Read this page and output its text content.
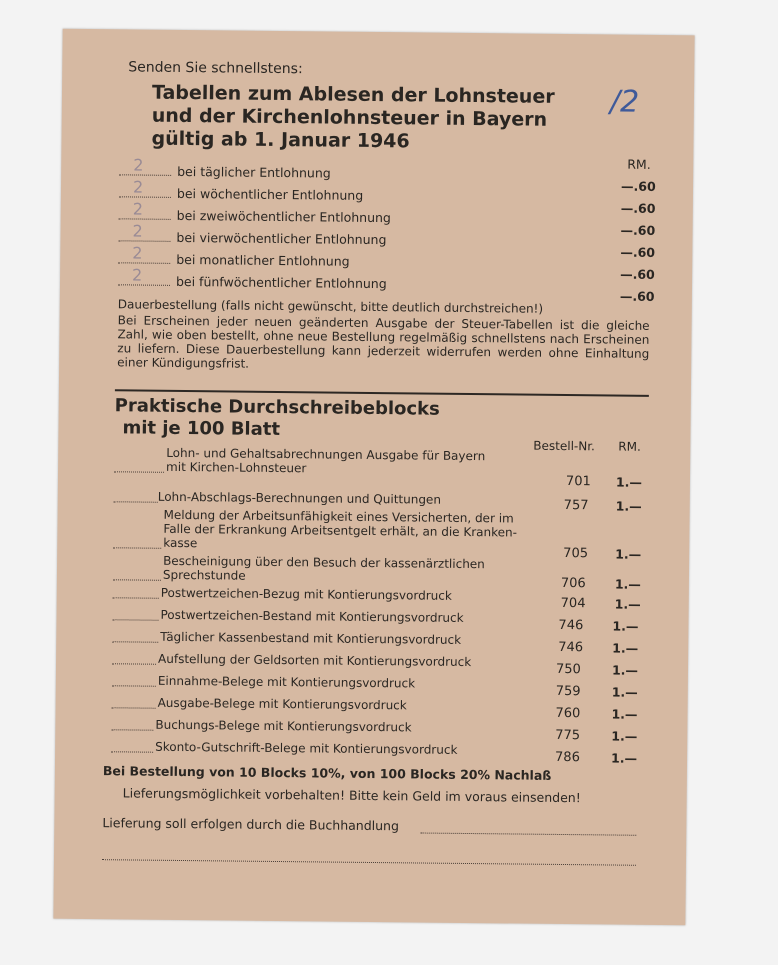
Senden Sie schnellstens:
Tabellen zum Ablesen der Lohnsteuer
und der Kirchenlohnsteuer in Bayern
gültig ab 1. Januar 1946
/2
RM.
bei täglicher Entlohnung
—.60
bei wöchentlicher Entlohnung
—.60
bei zweiwöchentlicher Entlohnung
—.60
bei vierwöchentlicher Entlohnung
—.60
bei monatlicher Entlohnung
—.60
bei fünfwöchentlicher Entlohnung
—.60
2
2
2
2
2
2
Dauerbestellung (falls nicht gewünscht, bitte deutlich durchstreichen!)
Bei Erscheinen jeder neuen geänderten Ausgabe der Steuer-Tabellen ist die gleiche Zahl, wie oben bestellt, ohne neue Bestellung regelmäßig schnellstens nach Erscheinen zu liefern. Diese Dauerbestellung kann jederzeit widerrufen werden ohne Einhaltung einer Kündigungsfrist.
Praktische Durchschreibeblocks
mit je 100 Blatt
Bestell-Nr. RM.
Lohn- und Gehaltsabrechnungen Ausgabe für Bayern
mit Kirchen-Lohnsteuer
701 1.—
Lohn-Abschlags-Berechnungen und Quittungen	757 1.—
Meldung der Arbeitsunfähigkeit eines Versicherten, der im
Falle der Erkrankung Arbeitsentgelt erhält, an die Kranken-
kasse
705 1.—
Bescheinigung über den Besuch der kassenärztlichen
Sprechstunde
706 1.—
Postwertzeichen-Bezug mit Kontierungsvordruck
704 1.—
Postwertzeichen-Bestand mit Kontierungsvordruck
746 1.—
Täglicher Kassenbestand mit Kontierungsvordruck
746 1.—
Aufstellung der Geldsorten mit Kontierungsvordruck
750 1.—
Einnahme-Belege mit Kontierungsvordruck
759 1.—
Ausgabe-Belege mit Kontierungsvordruck
760 1.—
Buchungs-Belege mit Kontierungsvordruck
775 1.—
Skonto-Gutschrift-Belege mit Kontierungsvordruck
786 1.—
Bei Bestellung von 10 Blocks 10%, von 100 Blocks 20% Nachlaß
Lieferungsmöglichkeit vorbehalten! Bitte kein Geld im voraus einsenden!
Lieferung soll erfolgen durch die Buchhandlung
